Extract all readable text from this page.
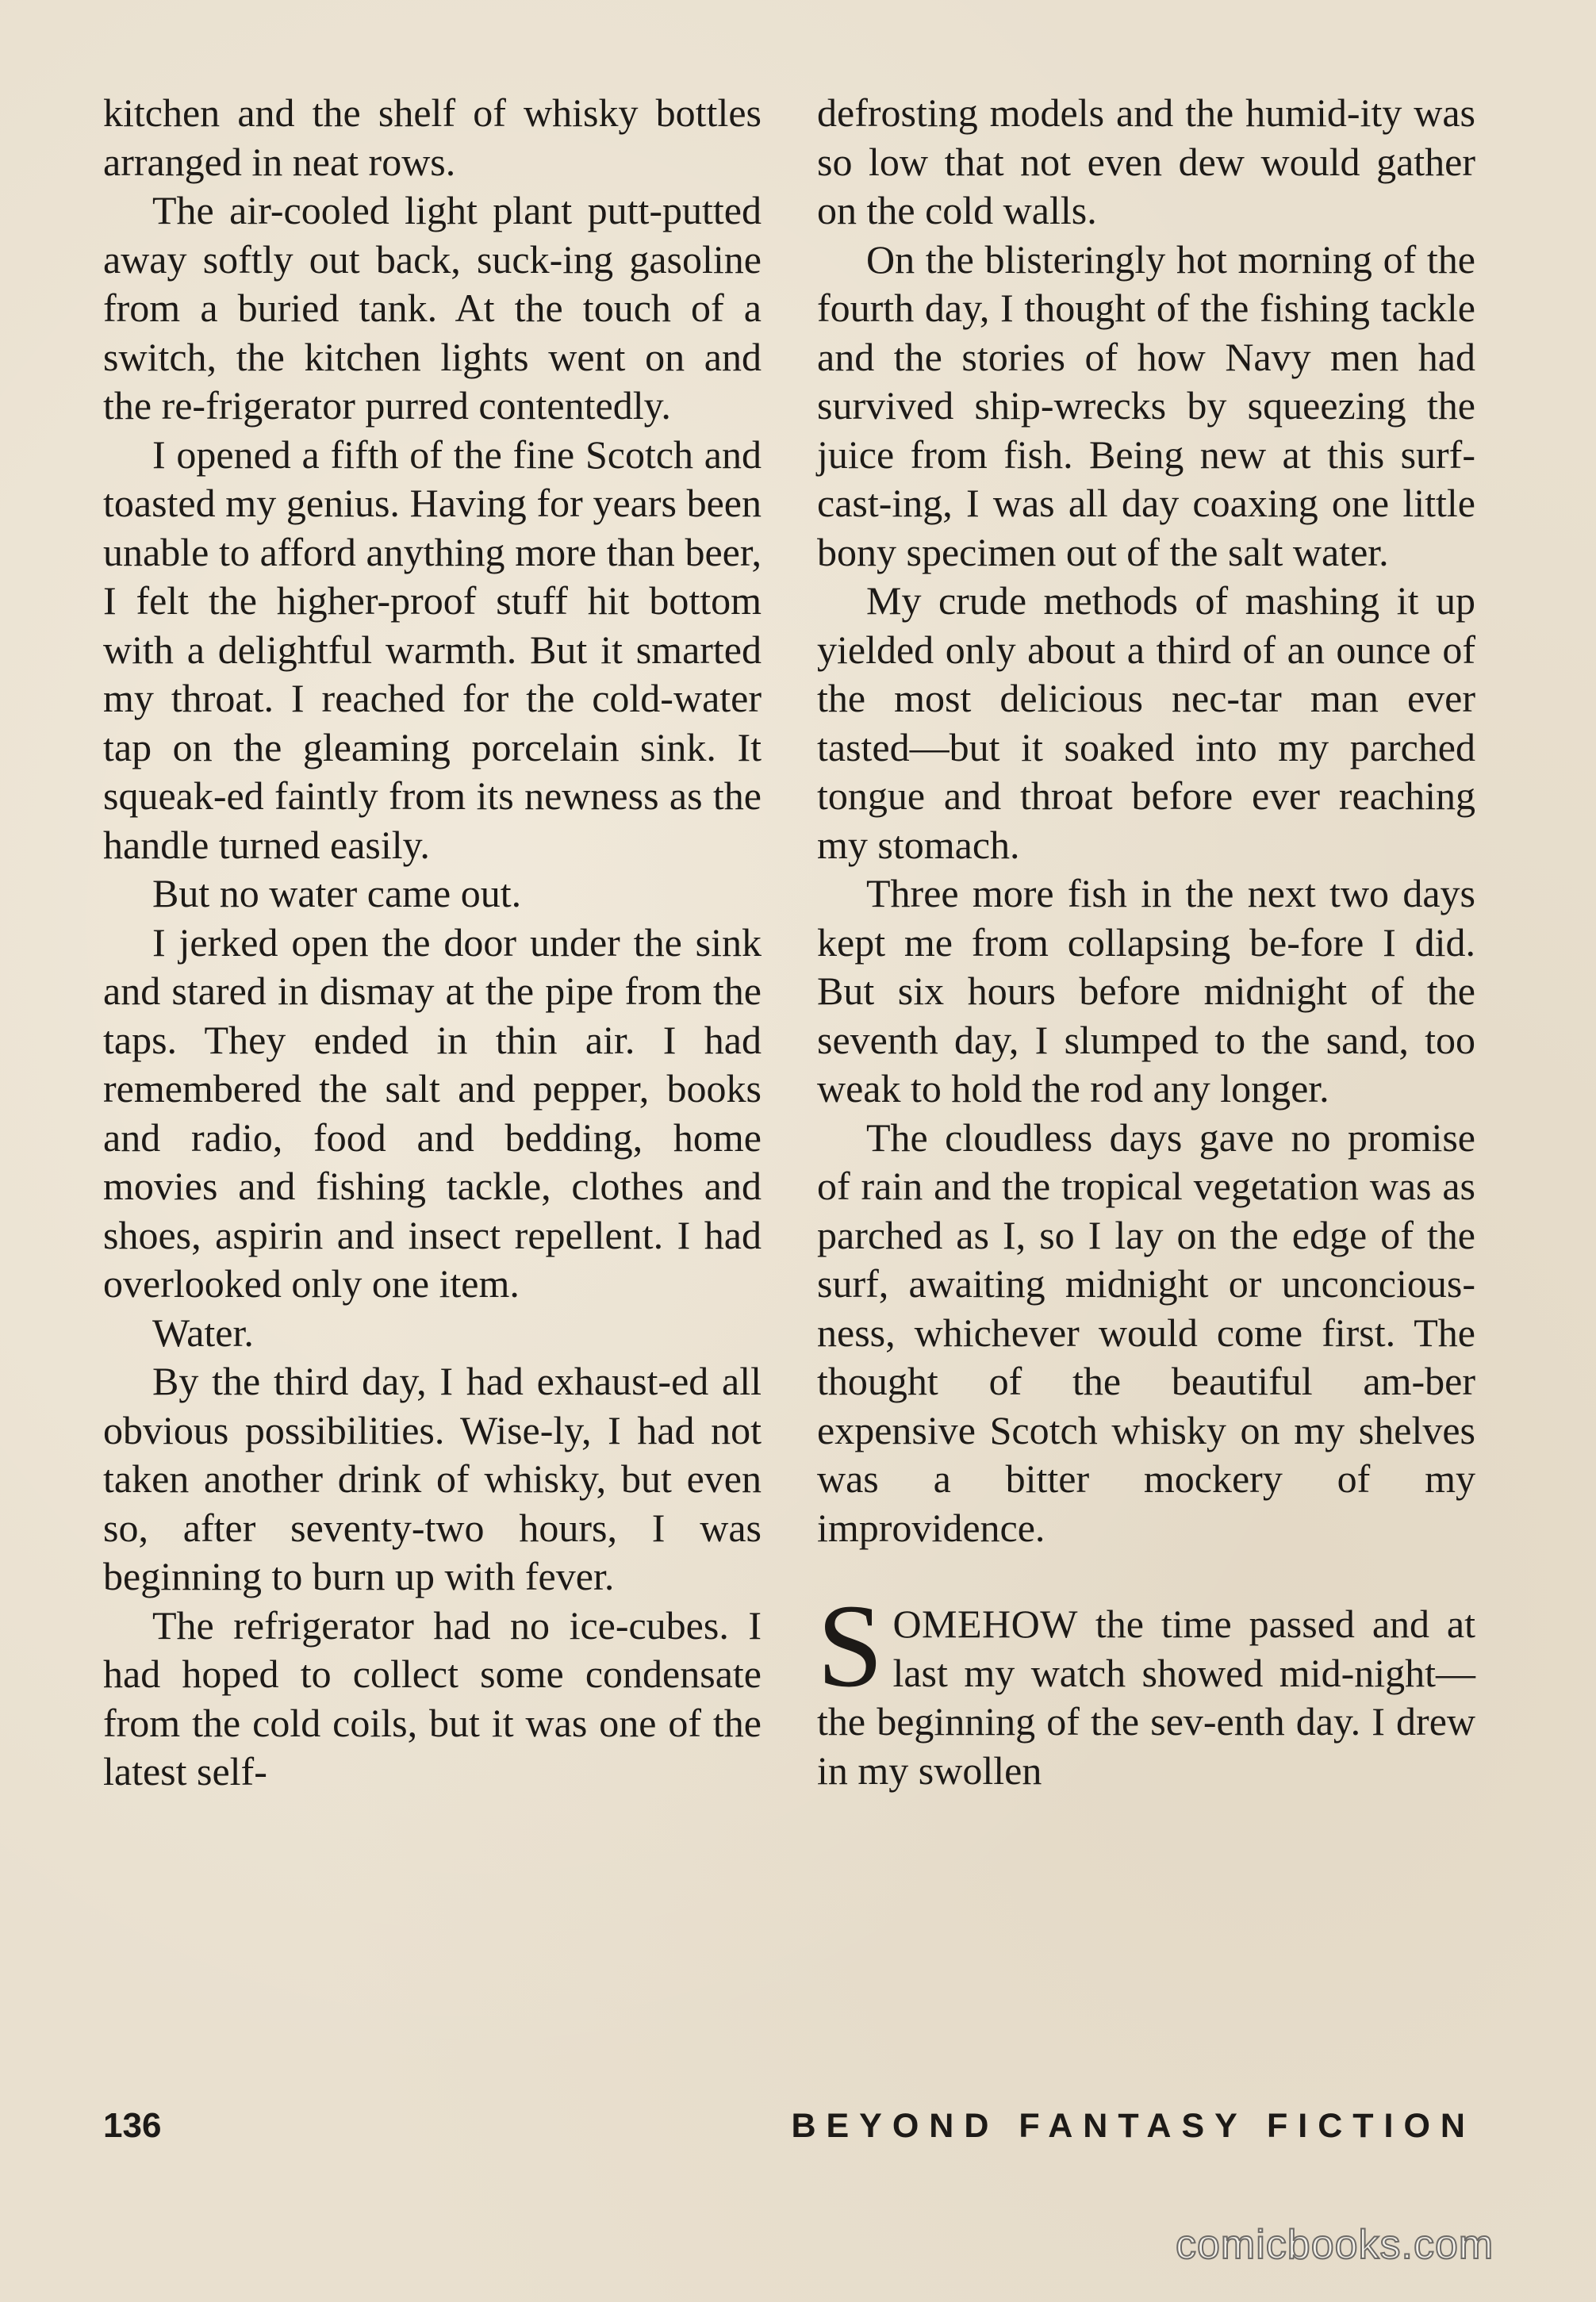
kitchen and the shelf of whisky bottles arranged in neat rows.

The air-cooled light plant putt-putted away softly out back, suck-ing gasoline from a buried tank. At the touch of a switch, the kitchen lights went on and the re-frigerator purred contentedly.

I opened a fifth of the fine Scotch and toasted my genius. Having for years been unable to afford anything more than beer, I felt the higher-proof stuff hit bottom with a delightful warmth. But it smarted my throat. I reached for the cold-water tap on the gleaming porcelain sink. It squeak-ed faintly from its newness as the handle turned easily.

But no water came out.

I jerked open the door under the sink and stared in dismay at the pipe from the taps. They ended in thin air. I had remembered the salt and pepper, books and radio, food and bedding, home movies and fishing tackle, clothes and shoes, aspirin and insect repellent. I had overlooked only one item.

Water.

By the third day, I had exhaust-ed all obvious possibilities. Wise-ly, I had not taken another drink of whisky, but even so, after seventy-two hours, I was beginning to burn up with fever.

The refrigerator had no ice-cubes. I had hoped to collect some condensate from the cold coils, but it was one of the latest self-

defrosting models and the humid-ity was so low that not even dew would gather on the cold walls.

On the blisteringly hot morning of the fourth day, I thought of the fishing tackle and the stories of how Navy men had survived ship-wrecks by squeezing the juice from fish. Being new at this surf-cast-ing, I was all day coaxing one little bony specimen out of the salt water.

My crude methods of mashing it up yielded only about a third of an ounce of the most delicious nec-tar man ever tasted—but it soaked into my parched tongue and throat before ever reaching my stomach.

Three more fish in the next two days kept me from collapsing be-fore I did. But six hours before midnight of the seventh day, I slumped to the sand, too weak to hold the rod any longer.

The cloudless days gave no promise of rain and the tropical vegetation was as parched as I, so I lay on the edge of the surf, awaiting midnight or unconcious-ness, whichever would come first. The thought of the beautiful am-ber expensive Scotch whisky on my shelves was a bitter mockery of my improvidence.

SOMEHOW the time passed and at last my watch showed mid-night—the beginning of the sev-enth day. I drew in my swollen

136	BEYOND FANTASY FICTION
comicbooks.com
